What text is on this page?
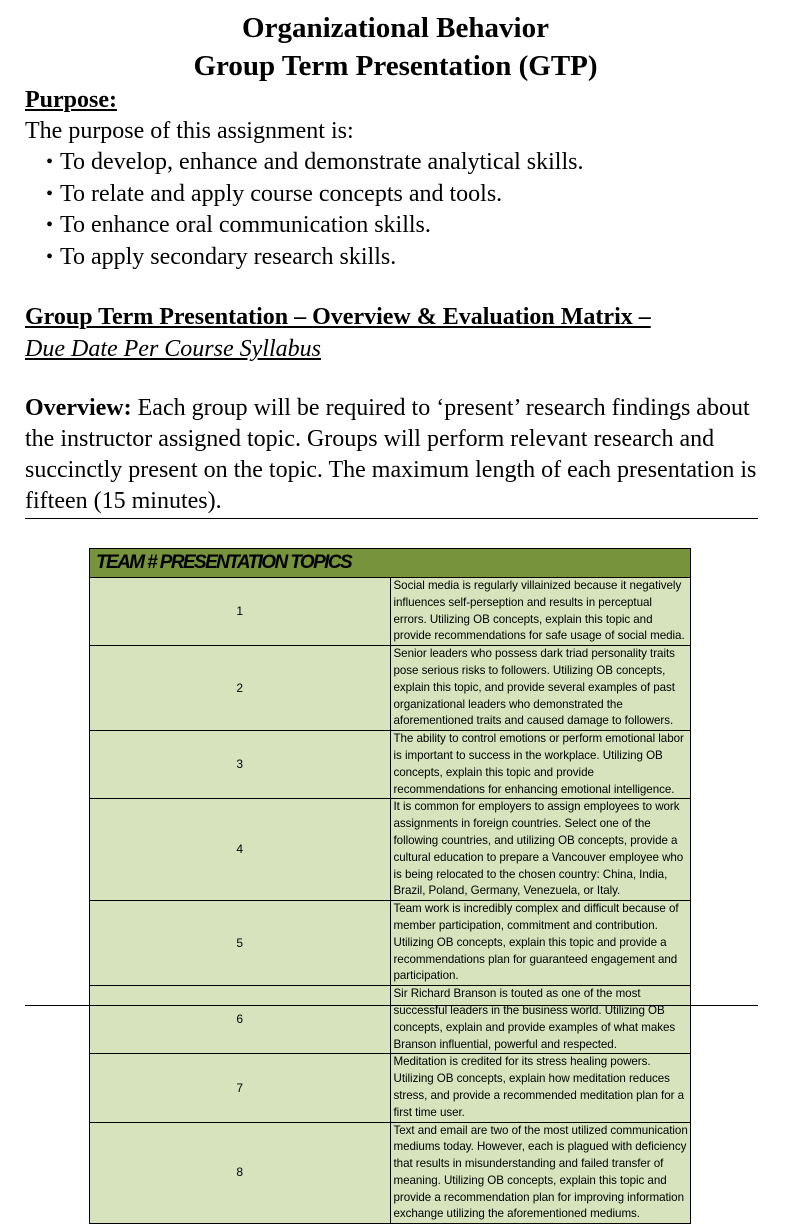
Organizational Behavior
Group Term Presentation (GTP)
Purpose:
The purpose of this assignment is:
• To develop, enhance and demonstrate analytical skills.
• To relate and apply course concepts and tools.
• To enhance oral communication skills.
• To apply secondary research skills.
Group Term Presentation – Overview & Evaluation Matrix –
Due Date Per Course Syllabus
Overview: Each group will be required to ‘present’ research findings about the instructor assigned topic. Groups will perform relevant research and succinctly present on the topic. The maximum length of each presentation is fifteen (15 minutes).
TEAM # PRESENTATION TOPICS	
1	Social media is regularly villainized because it negatively influences self-perseption and results in perceptual errors. Utilizing OB concepts, explain this topic and provide recommendations for safe usage of social media.
2	Senior leaders who possess dark triad personality traits pose serious risks to followers. Utilizing OB concepts, explain this topic, and provide several examples of past organizational leaders who demonstrated the aforementioned traits and caused damage to followers.
3	The ability to control emotions or perform emotional labor is important to success in the workplace. Utilizing OB concepts, explain this topic and provide recommendations for enhancing emotional intelligence.
4	It is common for employers to assign employees to work assignments in foreign countries. Select one of the following countries, and utilizing OB concepts, provide a cultural education to prepare a Vancouver employee who is being relocated to the chosen country: China, India, Brazil, Poland, Germany, Venezuela, or Italy.
5	Team work is incredibly complex and difficult because of member participation, commitment and contribution. Utilizing OB concepts, explain this topic and provide a recommendations plan for guaranteed engagement and participation.
6	Sir Richard Branson is touted as one of the most successful leaders in the business world. Utilizing OB concepts, explain and provide examples of what makes Branson influential, powerful and respected.
7	Meditation is credited for its stress healing powers. Utilizing OB concepts, explain how meditation reduces stress, and provide a recommended meditation plan for a first time user.
8	Text and email are two of the most utilized communication mediums today. However, each is plagued with deficiency that results in misunderstanding and failed transfer of meaning. Utilizing OB concepts, explain this topic and provide a recommendation plan for improving information exchange utilizing the aforementioned mediums.
